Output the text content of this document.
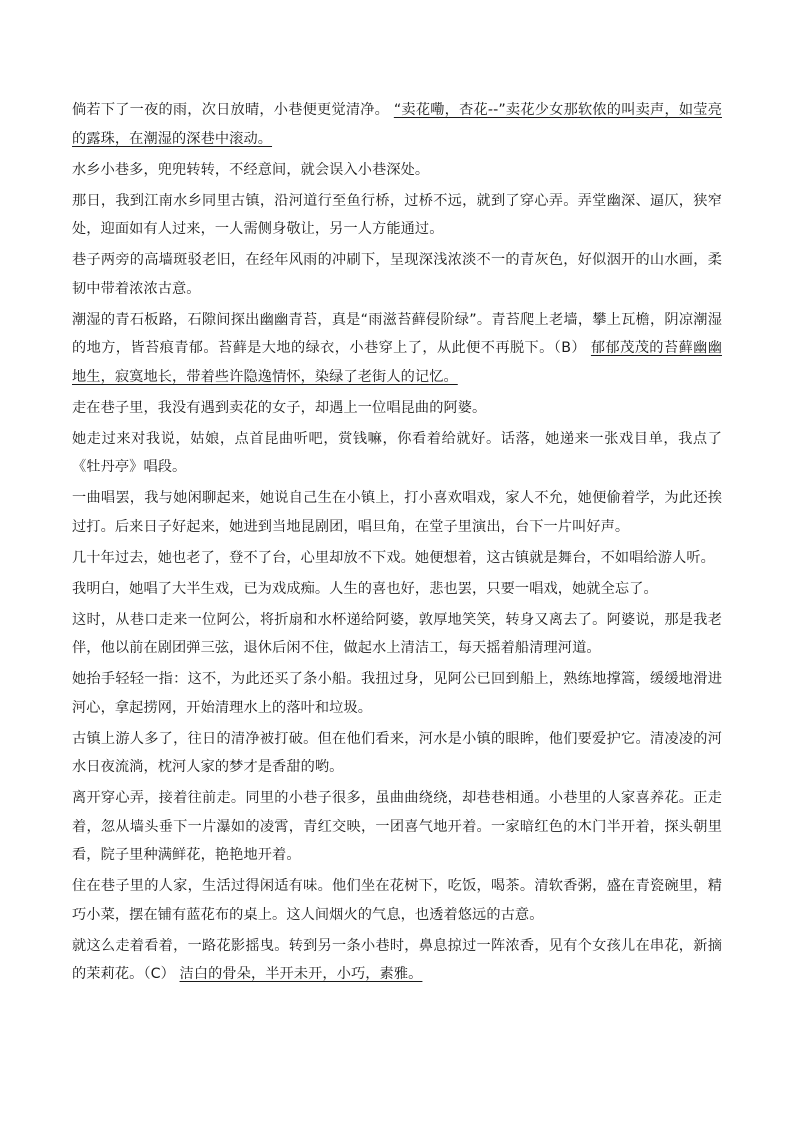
倘若下了一夜的雨，次日放晴，小巷便更觉清净。 “卖花嘞，杏花--”卖花少女那软侬的叫卖声，如莹亮的露珠，在潮湿的深巷中滚动。

水乡小巷多，兜兜转转，不经意间，就会误入小巷深处。

那日，我到江南水乡同里古镇，沿河道行至鱼行桥，过桥不远，就到了穿心弄。弄堂幽深、逼仄，狭窄处，迎面如有人过来，一人需侧身敬让，另一人方能通过。

巷子两旁的高墙斑驳老旧，在经年风雨的冲刷下，呈现深浅浓淡不一的青灰色，好似洇开的山水画，柔韧中带着浓浓古意。

潮湿的青石板路，石隙间探出幽幽青苔，真是“雨滋苔藓侵阶绿”。青苔爬上老墙，攀上瓦檐，阴凉潮湿的地方，皆苔痕青郁。苔藓是大地的绿衣，小巷穿上了，从此便不再脱下。（B） 郁郁茂茂的苔藓幽幽地生，寂寞地长，带着些许隐逸情怀，染绿了老街人的记忆。

走在巷子里，我没有遇到卖花的女子，却遇上一位唱昆曲的阿婆。

她走过来对我说，姑娘，点首昆曲听吧，赏钱嘛，你看着给就好。话落，她递来一张戏目单，我点了《牡丹亭》唱段。

一曲唱罢，我与她闲聊起来，她说自己生在小镇上，打小喜欢唱戏，家人不允，她便偷着学，为此还挨过打。后来日子好起来，她进到当地昆剧团，唱旦角，在堂子里演出，台下一片叫好声。

几十年过去，她也老了，登不了台，心里却放不下戏。她便想着，这古镇就是舞台，不如唱给游人听。

我明白，她唱了大半生戏，已为戏成痴。人生的喜也好，悲也罢，只要一唱戏，她就全忘了。

这时，从巷口走来一位阿公，将折扇和水杯递给阿婆，敦厚地笑笑，转身又离去了。阿婆说，那是我老伴，他以前在剧团弹三弦，退休后闲不住，做起水上清洁工，每天摇着船清理河道。

她抬手轻轻一指：这不，为此还买了条小船。我扭过身，见阿公已回到船上，熟练地撑篙，缓缓地滑进河心，拿起捞网，开始清理水上的落叶和垃圾。

古镇上游人多了，往日的清净被打破。但在他们看来，河水是小镇的眼眸，他们要爱护它。清凌凌的河水日夜流淌，枕河人家的梦才是香甜的哟。

离开穿心弄，接着往前走。同里的小巷子很多，虽曲曲绕绕，却巷巷相通。小巷里的人家喜养花。正走着，忽从墙头垂下一片瀑如的凌霄，青红交映，一团喜气地开着。一家暗红色的木门半开着，探头朝里看，院子里种满鲜花，艳艳地开着。

住在巷子里的人家，生活过得闲适有味。他们坐在花树下，吃饭，喝茶。清软香粥，盛在青瓷碗里，精巧小菜，摆在铺有蓝花布的桌上。这人间烟火的气息，也透着悠远的古意。

就这么走着看着，一路花影摇曳。转到另一条小巷时，鼻息掠过一阵浓香，见有个女孩儿在串花，新摘的茉莉花。（C） 洁白的骨朵，半开未开，小巧，素雅。
